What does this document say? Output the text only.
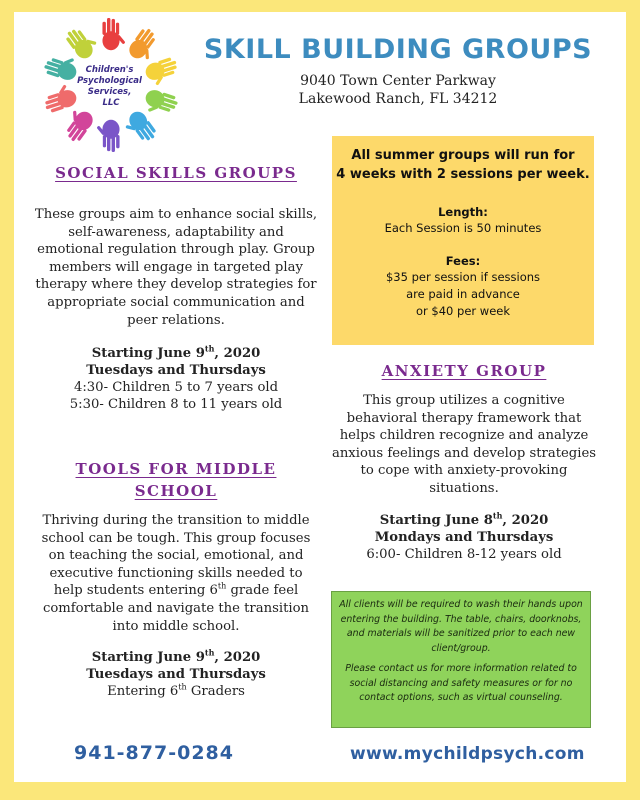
Children's Psychological Services, LLC
SKILL BUILDING GROUPS
9040 Town Center Parkway
Lakewood Ranch, FL 34212
SOCIAL SKILLS GROUPS
These groups aim to enhance social skills,
self-awareness, adaptability and
emotional regulation through play. Group
members will engage in targeted play
therapy where they develop strategies for
appropriate social communication and
peer relations.
Starting June 9th, 2020
Tuesdays and Thursdays
4:30- Children 5 to 7 years old
5:30- Children 8 to 11 years old
TOOLS FOR MIDDLE
SCHOOL
Thriving during the transition to middle
school can be tough. This group focuses
on teaching the social, emotional, and
executive functioning skills needed to
help students entering 6th grade feel
comfortable and navigate the transition
into middle school.
Starting June 9th, 2020
Tuesdays and Thursdays
Entering 6th Graders
All summer groups will run for
4 weeks with 2 sessions per week.
Length:
Each Session is 50 minutes
Fees:
$35 per session if sessions
are paid in advance
or $40 per week
ANXIETY GROUP
This group utilizes a cognitive
behavioral therapy framework that
helps children recognize and analyze
anxious feelings and develop strategies
to cope with anxiety-provoking
situations.
Starting June 8th, 2020
Mondays and Thursdays
6:00- Children 8-12 years old

All clients will be required to wash their hands upon entering the building. The table, chairs, doorknobs, and materials will be sanitized prior to each new client/group.

Please contact us for more information related to social distancing and safety measures or for no contact options, such as virtual counseling.

941-877-0284	www.mychildpsych.com
